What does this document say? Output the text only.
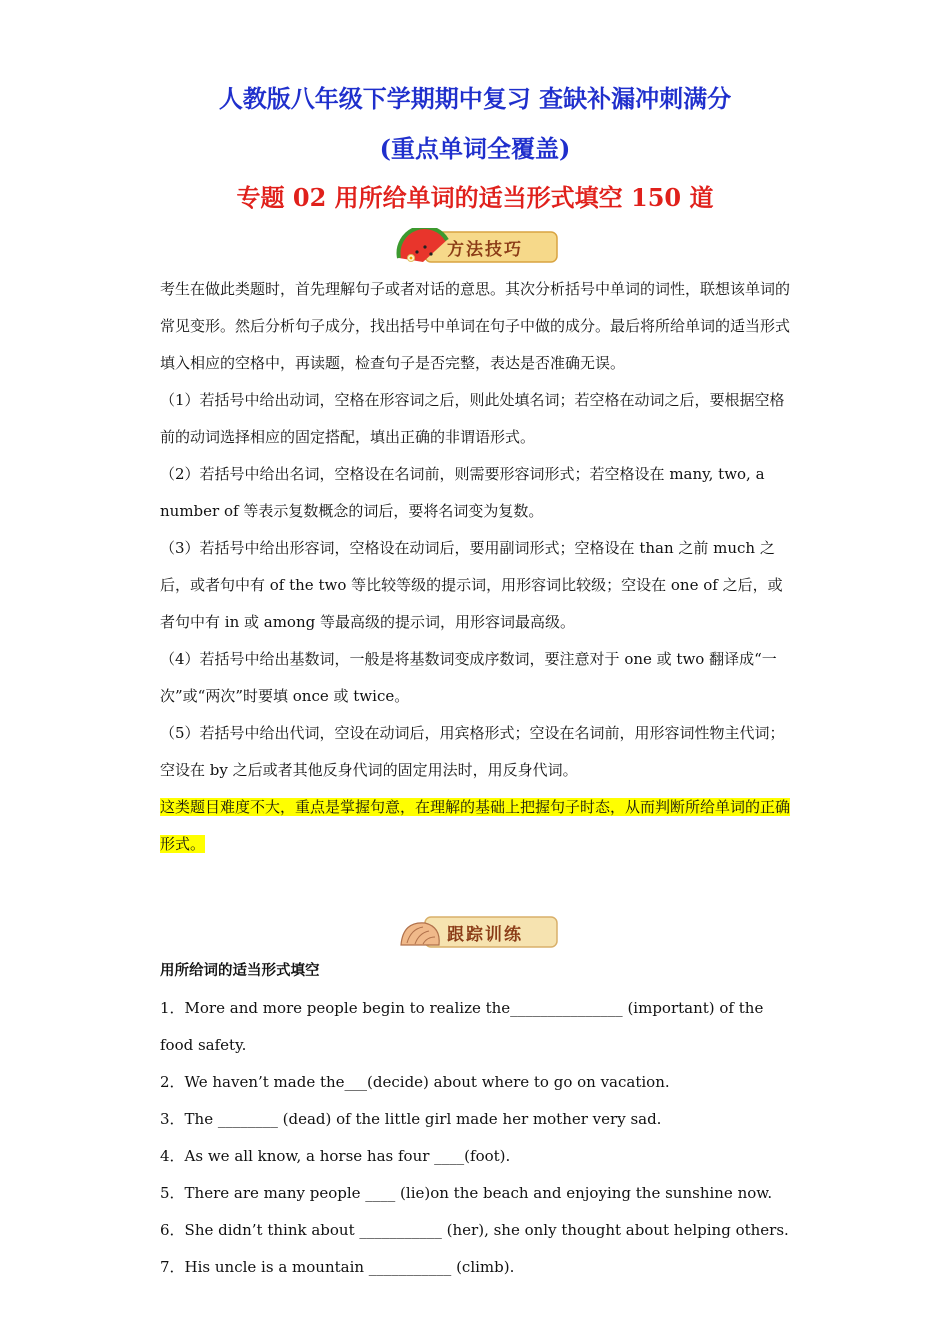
人教版八年级下学期期中复习 查缺补漏冲刺满分
(重点单词全覆盖)
专题 02 用所给单词的适当形式填空 150 道
方法技巧

考生在做此类题时，首先理解句子或者对话的意思。其次分析括号中单词的词性，联想该单词的常见变形。然后分析句子成分，找出括号中单词在句子中做的成分。最后将所给单词的适当形式填入相应的空格中，再读题，检查句子是否完整，表达是否准确无误。

（1）若括号中给出动词，空格在形容词之后，则此处填名词；若空格在动词之后，要根据空格前的动词选择相应的固定搭配，填出正确的非谓语形式。

（2）若括号中给出名词，空格设在名词前，则需要形容词形式；若空格设在 many, two, a number of 等表示复数概念的词后，要将名词变为复数。

（3）若括号中给出形容词，空格设在动词后，要用副词形式；空格设在 than 之前 much 之后，或者句中有 of the two 等比较等级的提示词，用形容词比较级；空设在 one of 之后，或者句中有 in 或 among 等最高级的提示词，用形容词最高级。

（4）若括号中给出基数词，一般是将基数词变成序数词，要注意对于 one 或 two 翻译成“一次”或“两次”时要填 once 或 twice。

（5）若括号中给出代词，空设在动词后，用宾格形式；空设在名词前，用形容词性物主代词；空设在 by 之后或者其他反身代词的固定用法时，用反身代词。

这类题目难度不大，重点是掌握句意，在理解的基础上把握句子时态，从而判断所给单词的正确形式。

跟踪训练

用所给词的适当形式填空

1．More and more people begin to realize the_______________ (important) of the food safety.

2．We haven’t made the___(decide) about where to go on vacation.

3．The ________ (dead) of the little girl made her mother very sad.

4．As we all know, a horse has four ____(foot).

5．There are many people ____ (lie)on the beach and enjoying the sunshine now.

6．She didn’t think about ___________ (her), she only thought about helping others.

7．His uncle is a mountain ___________ (climb).
